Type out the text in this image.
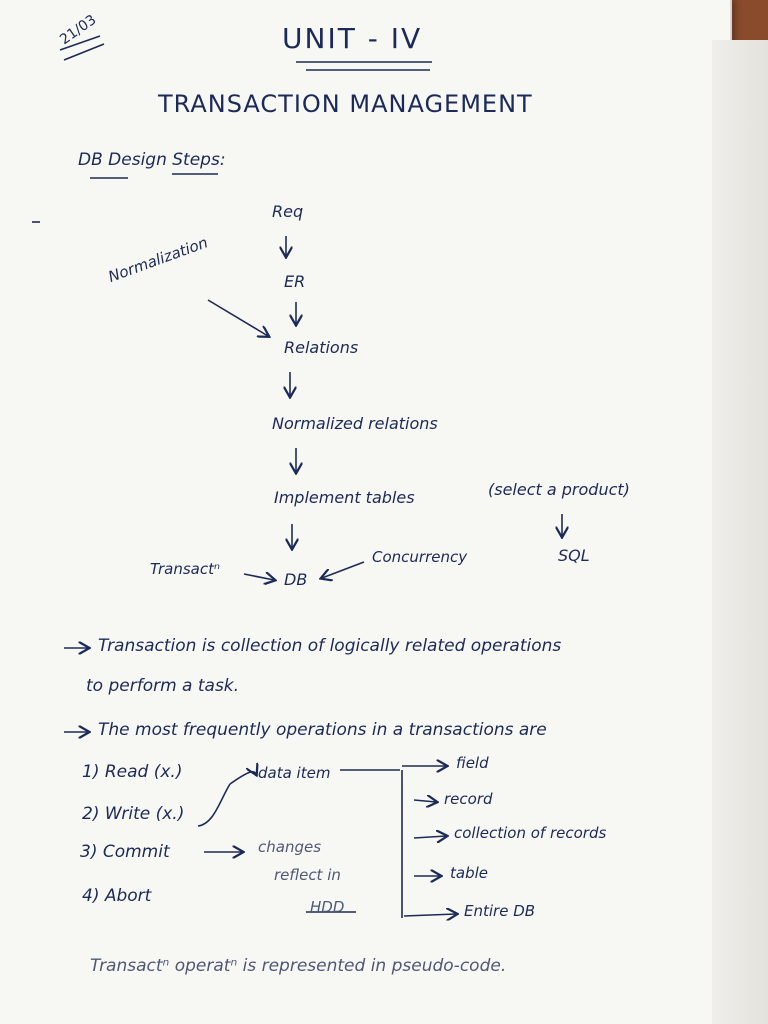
21/03	UNIT - IV
TRANSACTION MANAGEMENT
DB Design Steps:
Req
ER
Normalization
Relations
Normalized relations
Implement tables	(select a product)
SQL
Transactⁿ
DB
Concurrency
Transaction is collection of logically related operations
to perform a task.
The most frequently operations in a transactions are
1) Read (x.)
2) Write (x.)
3) Commit
4) Abort
data item
field
record
collection of records
table
Entire DB
changes
reflect in
HDD
Transactⁿ operatⁿ is represented in pseudo-code.
